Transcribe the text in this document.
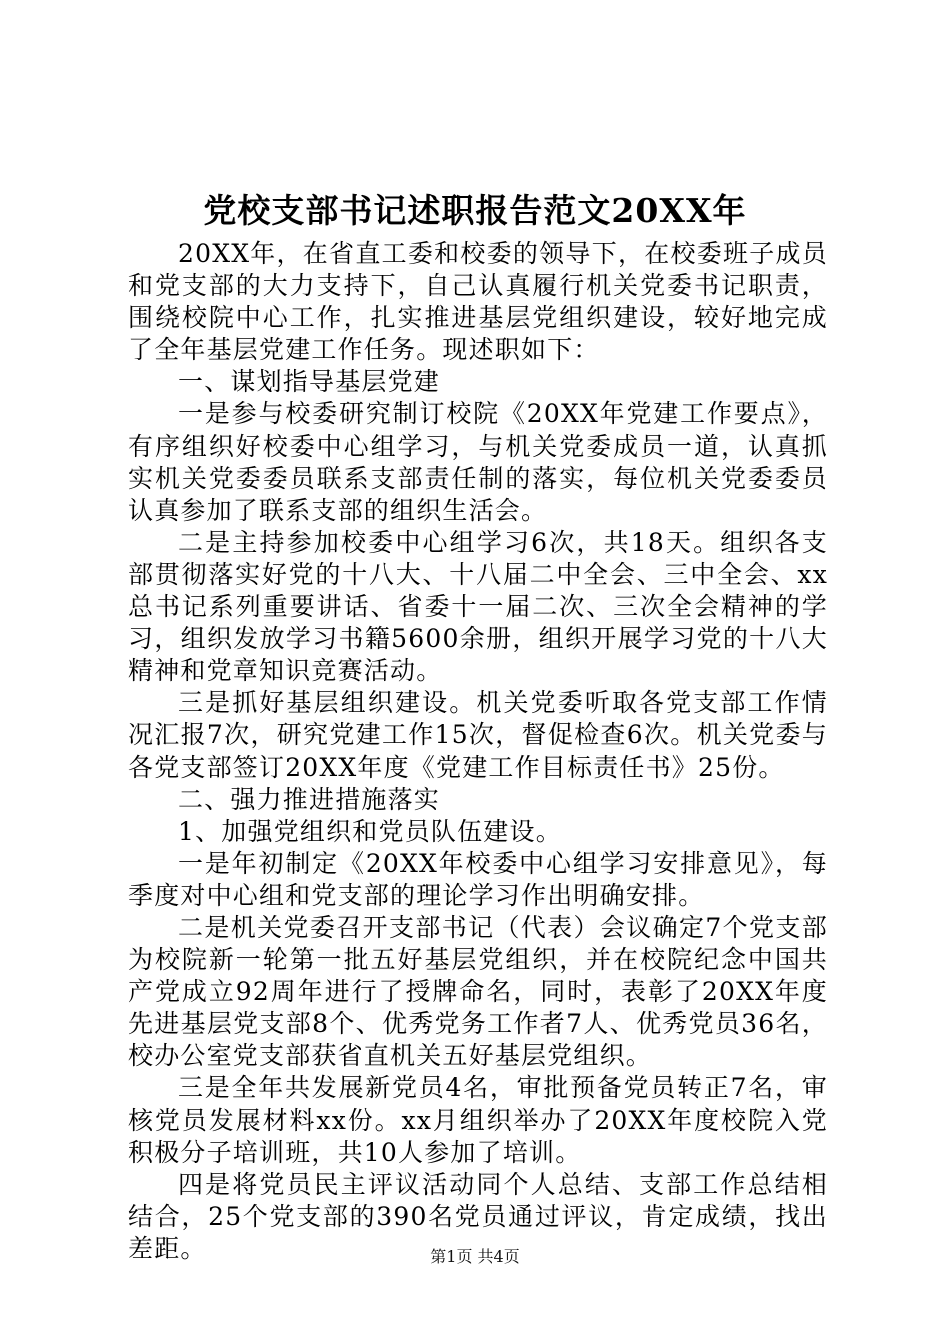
党校支部书记述职报告范文20XX年

20XX年，在省直工委和校委的领导下，在校委班子成员和党支部的大力支持下，自己认真履行机关党委书记职责，围绕校院中心工作，扎实推进基层党组织建设，较好地完成了全年基层党建工作任务。现述职如下：

一、谋划指导基层党建

一是参与校委研究制订校院《20XX年党建工作要点》，有序组织好校委中心组学习，与机关党委成员一道，认真抓实机关党委委员联系支部责任制的落实，每位机关党委委员认真参加了联系支部的组织生活会。

二是主持参加校委中心组学习6次，共18天。组织各支部贯彻落实好党的十八大、十八届二中全会、三中全会、xx总书记系列重要讲话、省委十一届二次、三次全会精神的学习，组织发放学习书籍5600余册，组织开展学习党的十八大精神和党章知识竞赛活动。

三是抓好基层组织建设。机关党委听取各党支部工作情况汇报7次，研究党建工作15次，督促检查6次。机关党委与各党支部签订20XX年度《党建工作目标责任书》25份。

二、强力推进措施落实

1、加强党组织和党员队伍建设。

一是年初制定《20XX年校委中心组学习安排意见》，每季度对中心组和党支部的理论学习作出明确安排。

二是机关党委召开支部书记（代表）会议确定7个党支部为校院新一轮第一批五好基层党组织，并在校院纪念中国共产党成立92周年进行了授牌命名，同时，表彰了20XX年度先进基层党支部8个、优秀党务工作者7人、优秀党员36名，校办公室党支部获省直机关五好基层党组织。

三是全年共发展新党员4名，审批预备党员转正7名，审核党员发展材料xx份。xx月组织举办了20XX年度校院入党积极分子培训班，共10人参加了培训。

四是将党员民主评议活动同个人总结、支部工作总结相结合，25个党支部的390名党员通过评议，肯定成绩，找出差距。	第1页 共4页
